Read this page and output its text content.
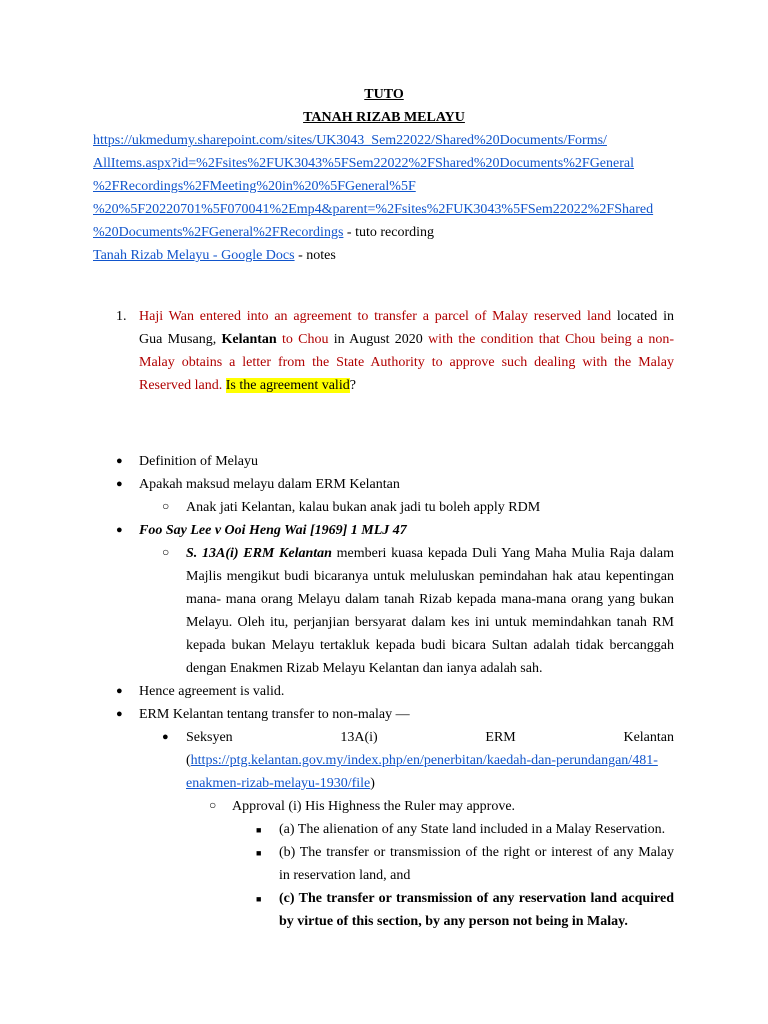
TUTO
TANAH RIZAB MELAYU
https://ukmedumy.sharepoint.com/sites/UK3043_Sem22022/Shared%20Documents/Forms/
AllItems.aspx?id=%2Fsites%2FUK3043%5FSem22022%2FShared%20Documents%2FGeneral
%2FRecordings%2FMeeting%20in%20%5FGeneral%5F
%20%5F20220701%5F070041%2Emp4&parent=%2Fsites%2FUK3043%5FSem22022%2FShared
%20Documents%2FGeneral%2FRecordings - tuto recording
Tanah Rizab Melayu - Google Docs - notes
1. Haji Wan entered into an agreement to transfer a parcel of Malay reserved land located in
Gua Musang, Kelantan to Chou in August 2020 with the condition that Chou being a non-
Malay obtains a letter from the State Authority to approve such dealing with the Malay
Reserved land. Is the agreement valid?
● Definition of Melayu
● Apakah maksud melayu dalam ERM Kelantan
○ Anak jati Kelantan, kalau bukan anak jadi tu boleh apply RDM
● Foo Say Lee v Ooi Heng Wai [1969] 1 MLJ 47
○ S. 13A(i) ERM Kelantan memberi kuasa kepada Duli Yang Maha Mulia Raja dalam
Majlis mengikut budi bicaranya untuk meluluskan pemindahan hak atau kepentingan
mana- mana orang Melayu dalam tanah Rizab kepada mana-mana orang yang bukan
Melayu. Oleh itu, perjanjian bersyarat dalam kes ini untuk memindahkan tanah RM
kepada bukan Melayu tertakluk kepada budi bicara Sultan adalah tidak bercanggah
dengan Enakmen Rizab Melayu Kelantan dan ianya adalah sah.
● Hence agreement is valid.
● ERM Kelantan tentang transfer to non-malay —
● Seksyen	13A(i)	ERM	Kelantan
(https://ptg.kelantan.gov.my/index.php/en/penerbitan/kaedah-dan-perundangan/481-
enakmen-rizab-melayu-1930/file)
○ Approval (i) His Highness the Ruler may approve.
■ (a) The alienation of any State land included in a Malay Reservation.
■ (b) The transfer or transmission of the right or interest of any Malay
in reservation land, and
■ (c) The transfer or transmission of any reservation land acquired
by virtue of this section, by any person not being in Malay.
